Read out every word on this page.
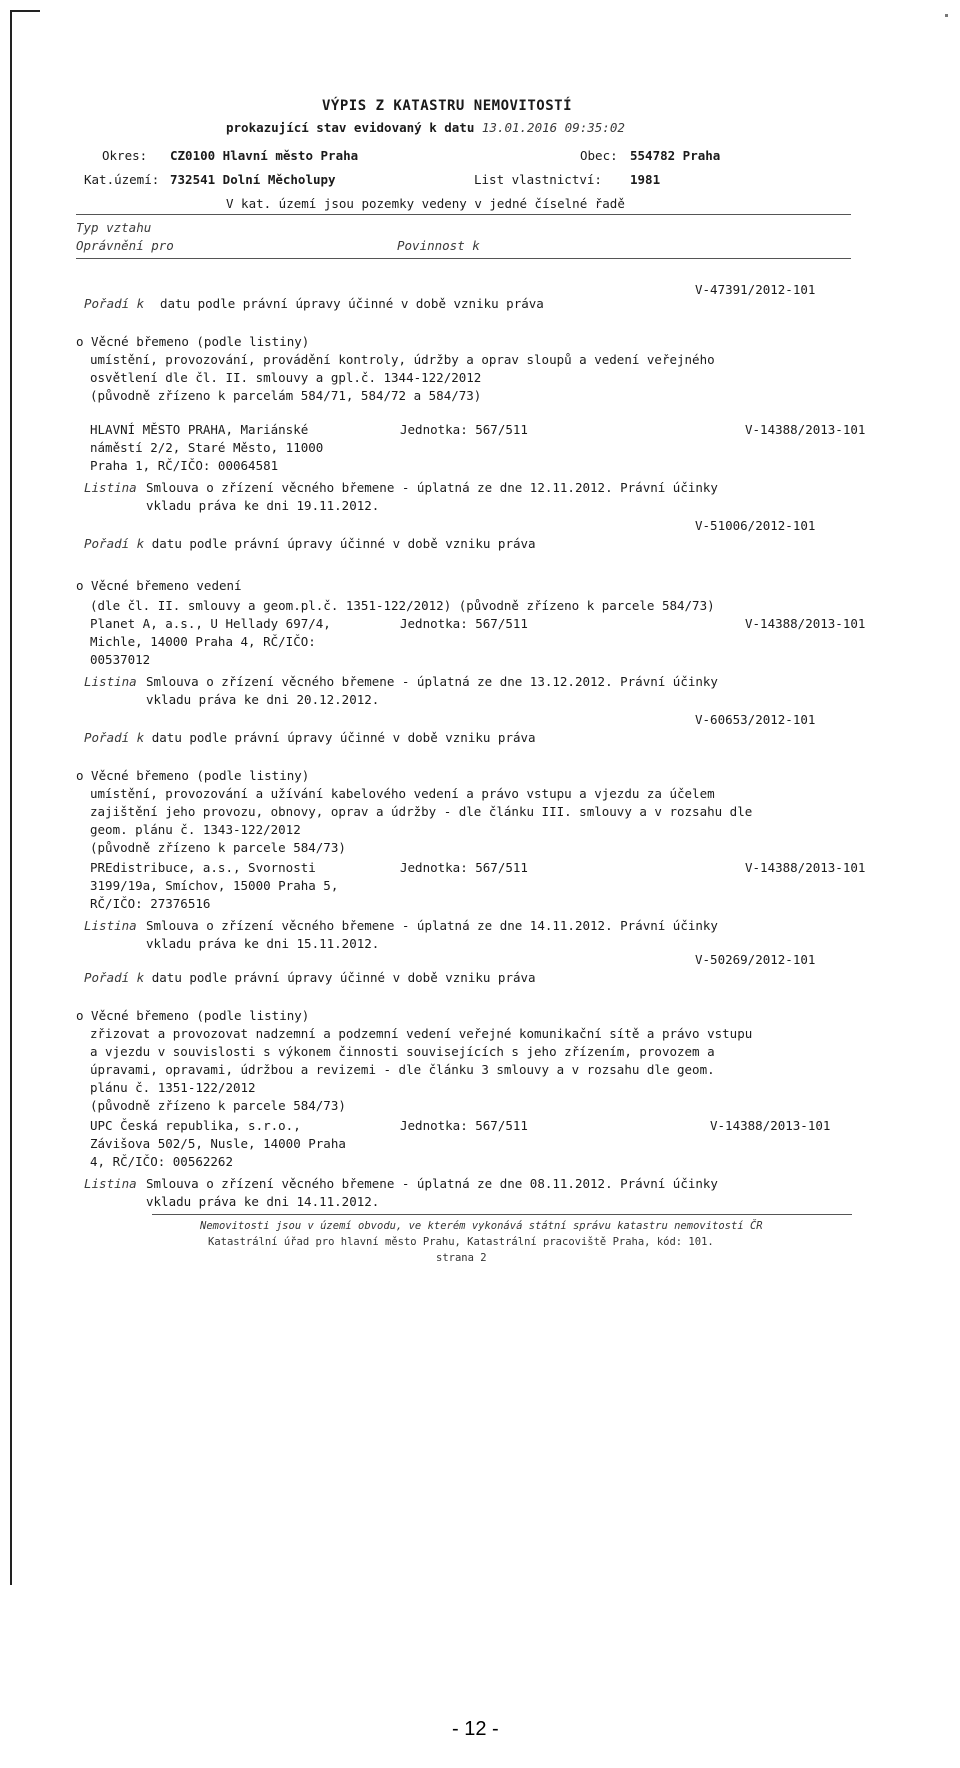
VÝPIS Z KATASTRU NEMOVITOSTÍ
prokazující stav evidovaný k datu 13.01.2016 09:35:02
Okres: CZ0100 Hlavní město Praha	Obec: 554782 Praha
Kat.území: 732541 Dolní Měcholupy	List vlastnictví: 1981
V kat. území jsou pozemky vedeny v jedné číselné řadě
Typ vztahu
Oprávnění pro	Povinnost k
V-47391/2012-101
Pořadí k datu podle právní úpravy účinné v době vzniku práva
o Věcné břemeno (podle listiny)
umístění, provozování, provádění kontroly, údržby a oprav sloupů a vedení veřejného
osvětlení dle čl. II. smlouvy a gpl.č. 1344-122/2012
(původně zřízeno k parcelám 584/71, 584/72 a 584/73)
HLAVNÍ MĚSTO PRAHA, Mariánské
náměstí 2/2, Staré Město, 11000
Praha 1, RČ/IČO: 00064581
Jednotka: 567/511	V-14388/2013-101
Listina Smlouva o zřízení věcného břemene - úplatná ze dne 12.11.2012. Právní účinky
vkladu práva ke dni 19.11.2012.
V-51006/2012-101
Pořadí k datu podle právní úpravy účinné v době vzniku práva
o Věcné břemeno vedení
(dle čl. II. smlouvy a geom.pl.č. 1351-122/2012) (původně zřízeno k parcele 584/73)
Planet A, a.s., U Hellady 697/4,
Michle, 14000 Praha 4, RČ/IČO:
00537012
Jednotka: 567/511	V-14388/2013-101
Listina Smlouva o zřízení věcného břemene - úplatná ze dne 13.12.2012. Právní účinky
vkladu práva ke dni 20.12.2012.
V-60653/2012-101
Pořadí k datu podle právní úpravy účinné v době vzniku práva
o Věcné břemeno (podle listiny)
umístění, provozování a užívání kabelového vedení a právo vstupu a vjezdu za účelem
zajištění jeho provozu, obnovy, oprav a údržby - dle článku III. smlouvy a v rozsahu dle
geom. plánu č. 1343-122/2012
(původně zřízeno k parcele 584/73)
PREdistribuce, a.s., Svornosti
3199/19a, Smíchov, 15000 Praha 5,
RČ/IČO: 27376516
Jednotka: 567/511	V-14388/2013-101
Listina Smlouva o zřízení věcného břemene - úplatná ze dne 14.11.2012. Právní účinky
vkladu práva ke dni 15.11.2012.
V-50269/2012-101
Pořadí k datu podle právní úpravy účinné v době vzniku práva
o Věcné břemeno (podle listiny)
zřizovat a provozovat nadzemní a podzemní vedení veřejné komunikační sítě a právo vstupu
a vjezdu v souvislosti s výkonem činnosti souvisejících s jeho zřízením, provozem a
úpravami, opravami, údržbou a revizemi - dle článku 3 smlouvy a v rozsahu dle geom.
plánu č. 1351-122/2012
(původně zřízeno k parcele 584/73)
UPC Česká republika, s.r.o.,
Závišova 502/5, Nusle, 14000 Praha
4, RČ/IČO: 00562262
Jednotka: 567/511	V-14388/2013-101
Listina Smlouva o zřízení věcného břemene - úplatná ze dne 08.11.2012. Právní účinky
vkladu práva ke dni 14.11.2012.
Nemovitosti jsou v území obvodu, ve kterém vykonává státní správu katastru nemovitostí ČR
Katastrální úřad pro hlavní město Prahu, Katastrální pracoviště Praha, kód: 101.
strana 2
- 12 -
